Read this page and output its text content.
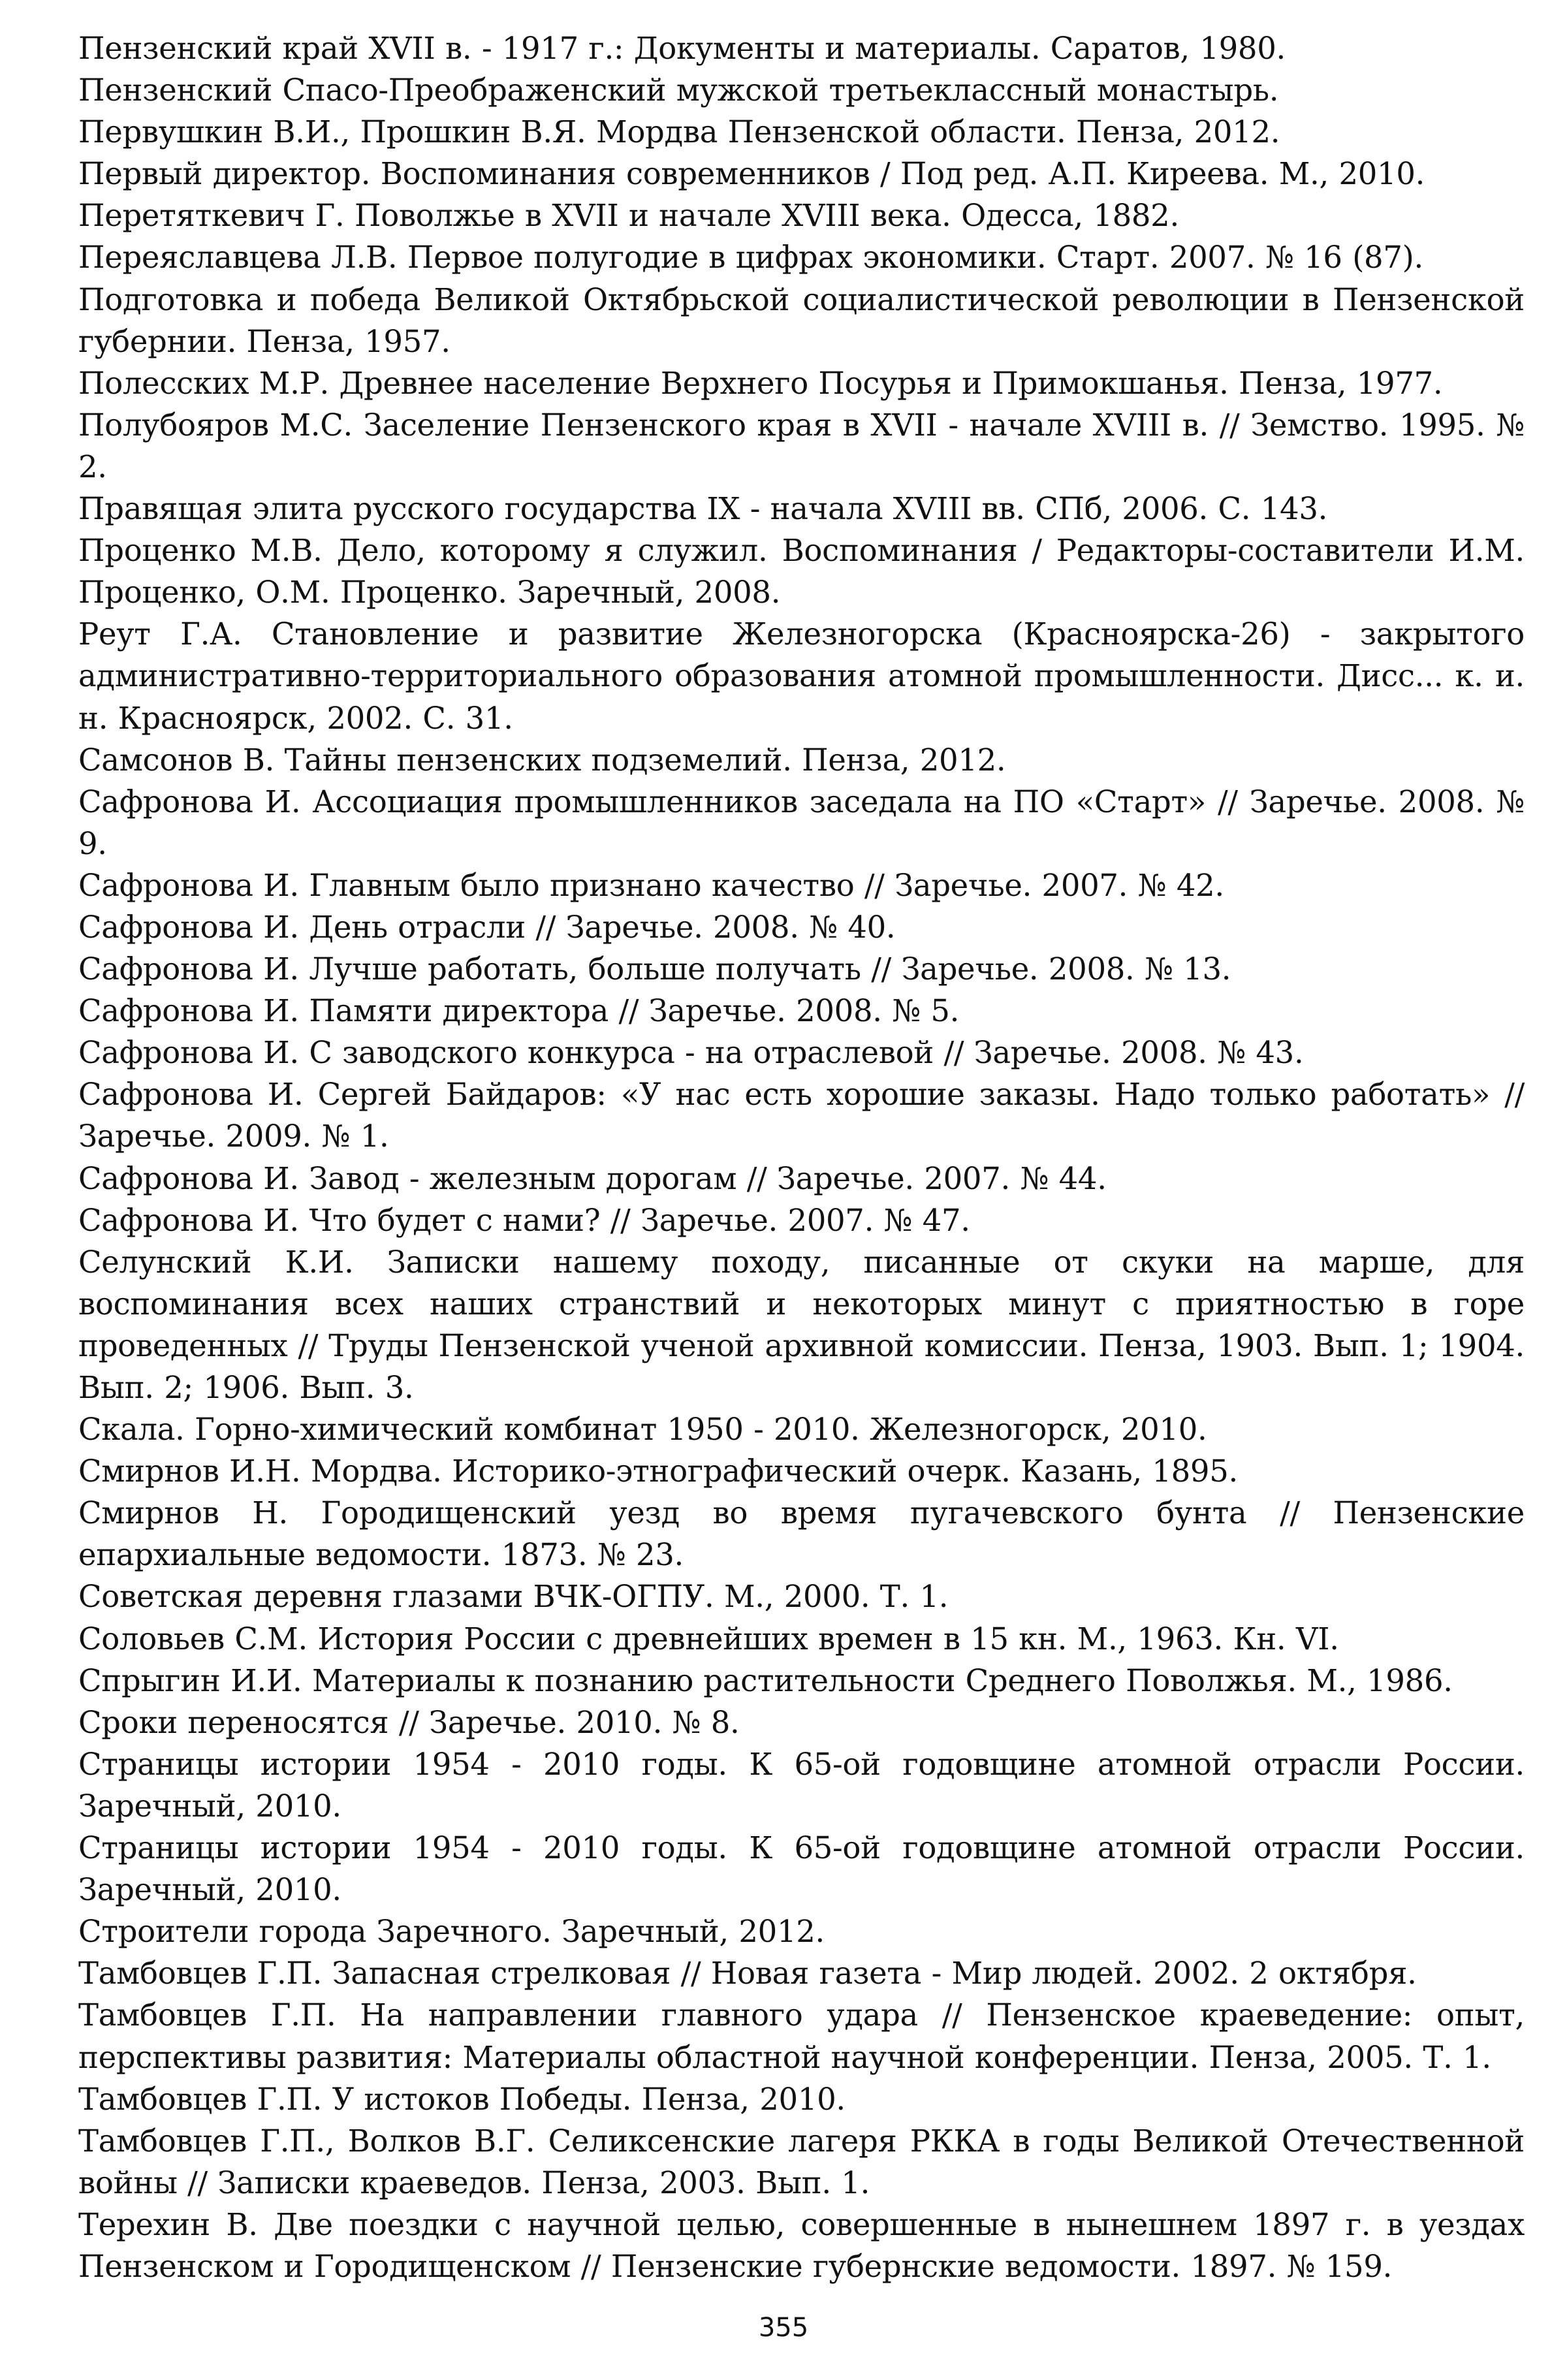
Пензенский край XVII в. - 1917 г.: Документы и материалы. Саратов, 1980.

Пензенский Спасо-Преображенский мужской третьеклассный монастырь.

Первушкин В.И., Прошкин В.Я. Мордва Пензенской области. Пенза, 2012.

Первый директор. Воспоминания современников / Под ред. А.П. Киреева. М., 2010.

Перетяткевич Г. Поволжье в XVII и начале XVIII века. Одесса, 1882.

Переяславцева Л.В. Первое полугодие в цифрах экономики. Старт. 2007. № 16 (87).

Подготовка и победа Великой Октябрьской социалистической революции в Пензенской губернии. Пенза, 1957.

Полесских М.Р. Древнее население Верхнего Посурья и Примокшанья. Пенза, 1977.

Полубояров М.С. Заселение Пензенского края в XVII - начале XVIII в. // Земство. 1995. № 2.

Правящая элита русского государства IX - начала XVIII вв. СПб, 2006. С. 143.

Проценко М.В. Дело, которому я служил. Воспоминания / Редакторы-составители И.М. Проценко, О.М. Проценко. Заречный, 2008.

Реут Г.А. Становление и развитие Железногорска (Красноярска-26) - закрытого административно-территориального образования атомной промышленности. Дисс... к. и. н. Красноярск, 2002. С. 31.

Самсонов В. Тайны пензенских подземелий. Пенза, 2012.

Сафронова И. Ассоциация промышленников заседала на ПО «Старт» // Заречье. 2008. № 9.

Сафронова И. Главным было признано качество // Заречье. 2007. № 42.

Сафронова И. День отрасли // Заречье. 2008. № 40.

Сафронова И. Лучше работать, больше получать // Заречье. 2008. № 13.

Сафронова И. Памяти директора // Заречье. 2008. № 5.

Сафронова И. С заводского конкурса - на отраслевой // Заречье. 2008. № 43.

Сафронова И. Сергей Байдаров: «У нас есть хорошие заказы. Надо только работать» // Заречье. 2009. № 1.

Сафронова И. Завод - железным дорогам // Заречье. 2007. № 44.

Сафронова И. Что будет с нами? // Заречье. 2007. № 47.

Селунский К.И. Записки нашему походу, писанные от скуки на марше, для воспоминания всех наших странствий и некоторых минут с приятностью в горе проведенных // Труды Пензенской ученой архивной комиссии. Пенза, 1903. Вып. 1; 1904. Вып. 2; 1906. Вып. 3.

Скала. Горно-химический комбинат 1950 - 2010. Железногорск, 2010.

Смирнов И.Н. Мордва. Историко-этнографический очерк. Казань, 1895.

Смирнов Н. Городищенский уезд во время пугачевского бунта // Пензенские епархиальные ведомости. 1873. № 23.

Советская деревня глазами ВЧК-ОГПУ. М., 2000. Т. 1.

Соловьев С.М. История России с древнейших времен в 15 кн. М., 1963. Кн. VI.

Спрыгин И.И. Материалы к познанию растительности Среднего Поволжья. М., 1986.

Сроки переносятся // Заречье. 2010. № 8.

Страницы истории 1954 - 2010 годы. К 65-ой годовщине атомной отрасли России. Заречный, 2010.

Страницы истории 1954 - 2010 годы. К 65-ой годовщине атомной отрасли России. Заречный, 2010.

Строители города Заречного. Заречный, 2012.

Тамбовцев Г.П. Запасная стрелковая // Новая газета - Мир людей. 2002. 2 октября.

Тамбовцев Г.П. На направлении главного удара // Пензенское краеведение: опыт, перспективы развития: Материалы областной научной конференции. Пенза, 2005. Т. 1.

Тамбовцев Г.П. У истоков Победы. Пенза, 2010.

Тамбовцев Г.П., Волков В.Г. Селиксенские лагеря РККА в годы Великой Отечественной войны // Записки краеведов. Пенза, 2003. Вып. 1.

Терехин В. Две поездки с научной целью, совершенные в нынешнем 1897 г. в уездах Пензенском и Городищенском // Пензенские губернские ведомости. 1897. № 159.

355
